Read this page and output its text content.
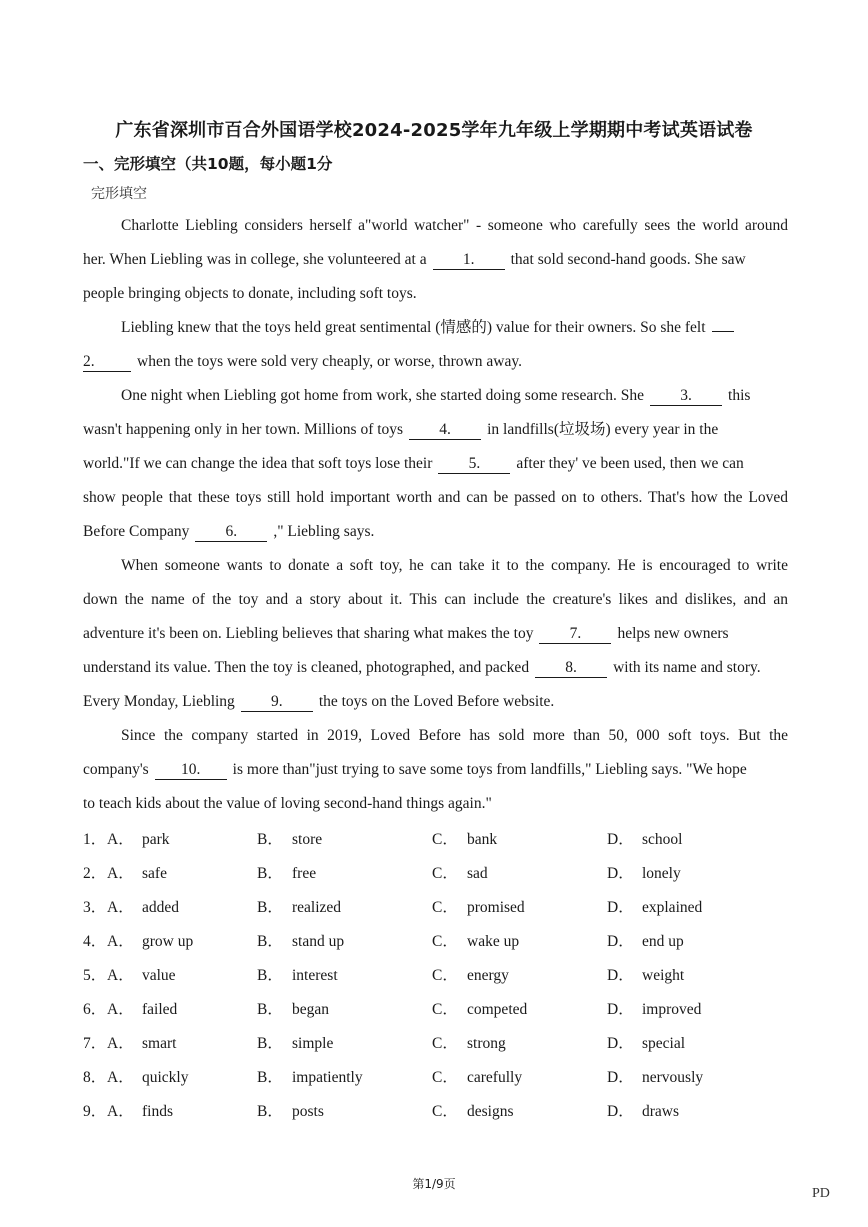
广东省深圳市百合外国语学校2024-2025学年九年级上学期期中考试英语试卷
一、完形填空（共10题，每小题1分
完形填空
Charlotte Liebling considers herself a"world watcher" - someone who carefully sees the world around
her. When Liebling was in college, she volunteered at a 1. that sold second-hand goods. She saw
people bringing objects to donate, including soft toys.
Liebling knew that the toys held great sentimental (情感的) value for their owners. So she felt
2.	when the toys were sold very cheaply, or worse, thrown away.
One night when Liebling got home from work, she started doing some research. She 3. this
wasn't happening only in her town. Millions of toys 4. in landfills(垃圾场) every year in the
world."If we can change the idea that soft toys lose their 5. after they' ve been used, then we can
show people that these toys still hold important worth and can be passed on to others. That's how the Loved
Before Company 6. ," Liebling says.
When someone wants to donate a soft toy, he can take it to the company. He is encouraged to write
down the name of the toy and a story about it. This can include the creature's likes and dislikes, and an
adventure it's been on. Liebling believes that sharing what makes the toy 7. helps new owners
understand its value. Then the toy is cleaned, photographed, and packed 8. with its name and story.
Every Monday, Liebling 9. the toys on the Loved Before website.
Since the company started in 2019, Loved Before has sold more than 50, 000 soft toys. But the
company's 10. is more than"just trying to save some toys from landfills," Liebling says. "We hope
to teach kids about the value of loving second-hand things again."
1． A． park	B． store	C． bank	D． school
2． A． safe	B． free	C． sad	D． lonely
3． A． added	B． realized	C． promised	D． explained
4． A． grow up	B． stand up	C． wake up	D． end up
5． A． value	B． interest	C． energy	D． weight
6． A． failed	B． began	C． competed	D． improved
7． A． smart	B． simple	C． strong	D． special
8． A． quickly	B． impatiently	C． carefully	D． nervously
9． A． finds	B． posts	C． designs	D． draws
第1/9页
PD
